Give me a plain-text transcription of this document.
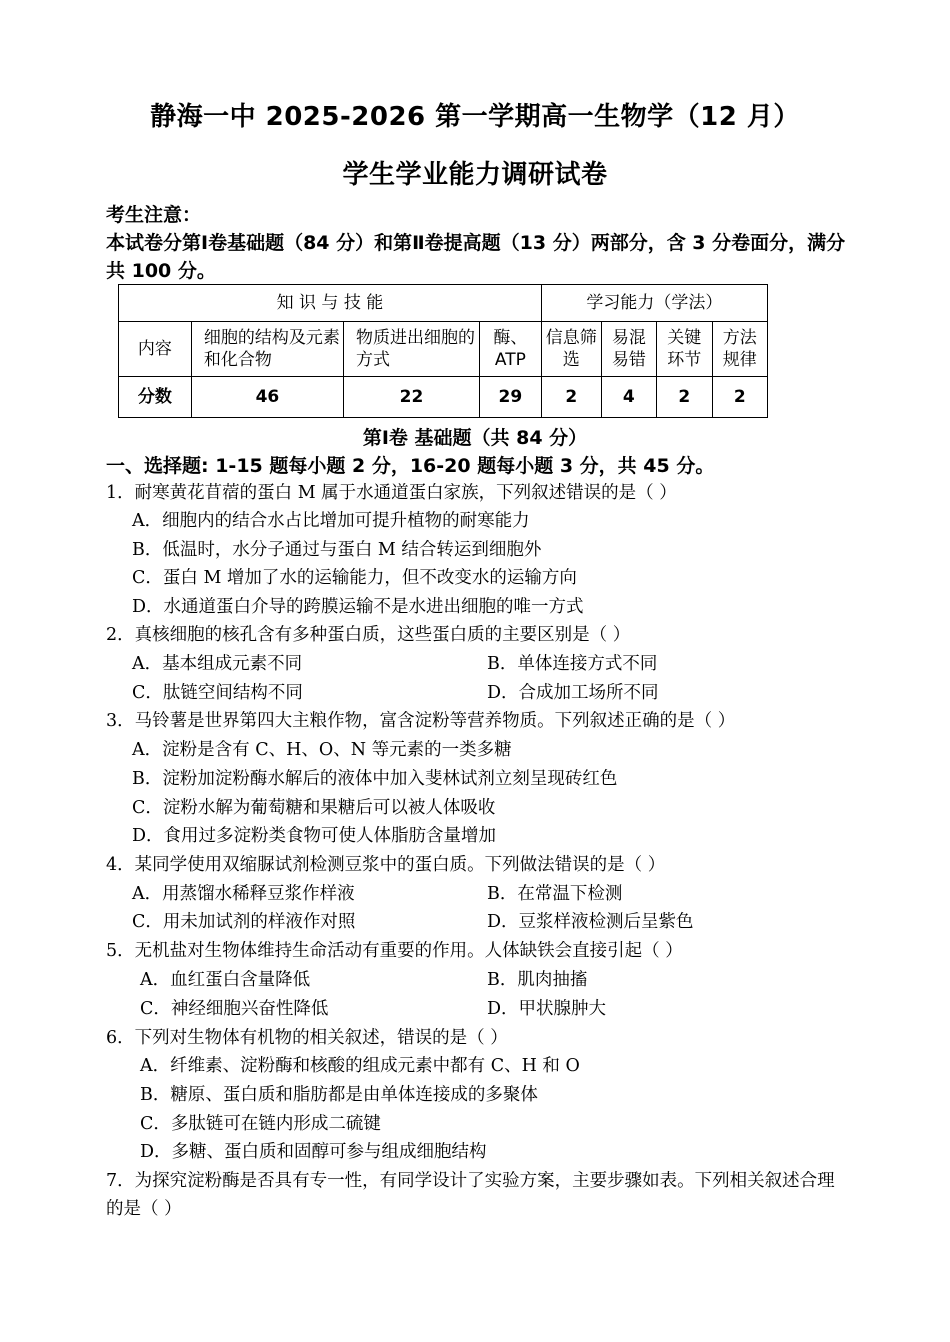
静海一中 2025-2026 第一学期高一生物学（12 月）
学生学业能力调研试卷
考生注意：
本试卷分第Ⅰ卷基础题（84 分）和第Ⅱ卷提高题（13 分）两部分，含 3 分卷面分，满分共 100 分。
知 识 与 技 能				学习能力（学法）			
内容	细胞的结构及元素和化合物	物质进出细胞的方式	酶、ATP	信息筛选	易混易错	关键环节	方法规律
分数	46	22	29	2	4	2	2
第Ⅰ卷 基础题（共 84 分）
一、选择题: 1-15 题每小题 2 分，16-20 题每小题 3 分，共 45 分。
1．耐寒黄花苜蓿的蛋白 M 属于水通道蛋白家族，下列叙述错误的是（ ）
A．细胞内的结合水占比增加可提升植物的耐寒能力
B．低温时，水分子通过与蛋白 M 结合转运到细胞外
C．蛋白 M 增加了水的运输能力，但不改变水的运输方向
D．水通道蛋白介导的跨膜运输不是水进出细胞的唯一方式
2．真核细胞的核孔含有多种蛋白质，这些蛋白质的主要区别是（ ）
A．基本组成元素不同	B．单体连接方式不同
C．肽链空间结构不同	D．合成加工场所不同
3．马铃薯是世界第四大主粮作物，富含淀粉等营养物质。下列叙述正确的是（ ）
A．淀粉是含有 C、H、O、N 等元素的一类多糖
B．淀粉加淀粉酶水解后的液体中加入斐林试剂立刻呈现砖红色
C．淀粉水解为葡萄糖和果糖后可以被人体吸收
D．食用过多淀粉类食物可使人体脂肪含量增加
4．某同学使用双缩脲试剂检测豆浆中的蛋白质。下列做法错误的是（ ）
A．用蒸馏水稀释豆浆作样液	B．在常温下检测
C．用未加试剂的样液作对照	D．豆浆样液检测后呈紫色
5．无机盐对生物体维持生命活动有重要的作用。人体缺铁会直接引起（ ）
A．血红蛋白含量降低	B．肌肉抽搐
C．神经细胞兴奋性降低	D．甲状腺肿大
6．下列对生物体有机物的相关叙述，错误的是（ ）
A．纤维素、淀粉酶和核酸的组成元素中都有 C、H 和 O
B．糖原、蛋白质和脂肪都是由单体连接成的多聚体
C．多肽链可在链内形成二硫键
D．多糖、蛋白质和固醇可参与组成细胞结构
7．为探究淀粉酶是否具有专一性，有同学设计了实验方案，主要步骤如表。下列相关叙述合理的是（ ）
